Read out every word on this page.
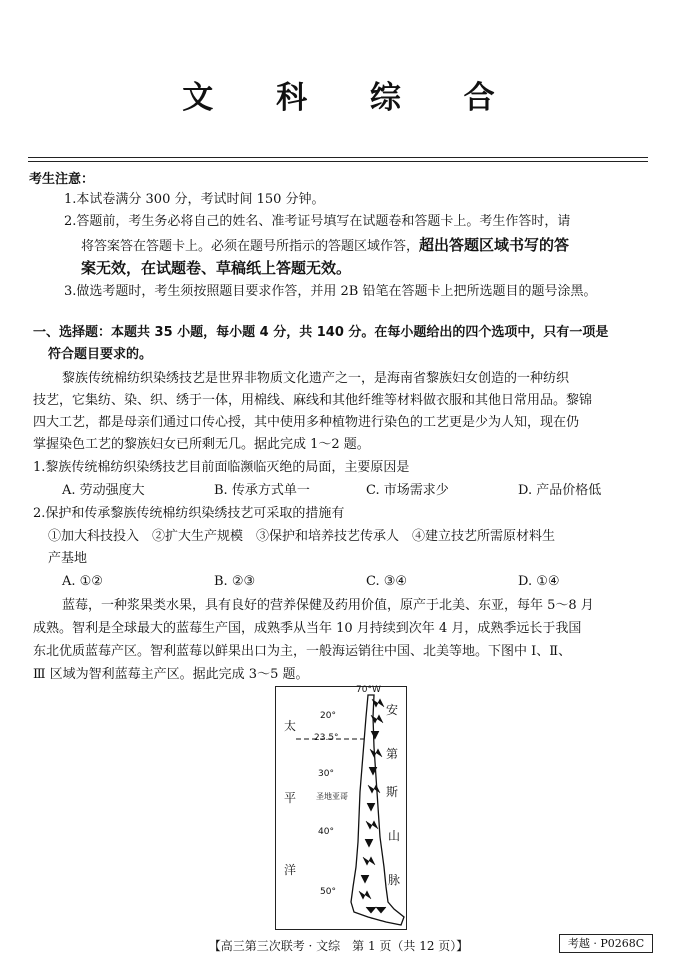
文 科 综 合
考生注意：
1.本试卷满分 300 分，考试时间 150 分钟。
2.答题前，考生务必将自己的姓名、准考证号填写在试题卷和答题卡上。考生作答时，请
将答案答在答题卡上。必须在题号所指示的答题区域作答，超出答题区域书写的答
案无效，在试题卷、草稿纸上答题无效。
3.做选考题时，考生须按照题目要求作答，并用 2B 铅笔在答题卡上把所选题目的题号涂黑。
一、选择题：本题共 35 小题，每小题 4 分，共 140 分。在每小题给出的四个选项中，只有一项是
符合题目要求的。
黎族传统棉纺织染绣技艺是世界非物质文化遗产之一，是海南省黎族妇女创造的一种纺织
技艺，它集纺、染、织、绣于一体，用棉线、麻线和其他纤维等材料做衣服和其他日常用品。黎锦
四大工艺，都是母亲们通过口传心授，其中使用多种植物进行染色的工艺更是少为人知，现在仍
掌握染色工艺的黎族妇女已所剩无几。据此完成 1～2 题。
1.黎族传统棉纺织染绣技艺目前面临濒临灭绝的局面，主要原因是
A. 劳动强度大	B. 传承方式单一	C. 市场需求少	D. 产品价格低
2.保护和传承黎族传统棉纺织染绣技艺可采取的措施有
①加大科技投入　②扩大生产规模　③保护和培养技艺传承人　④建立技艺所需原材料生
产基地
A. ①②	B. ②③	C. ③④	D. ①④
蓝莓，一种浆果类水果，具有良好的营养保健及药用价值，原产于北美、东亚，每年 5～8 月
成熟。智利是全球最大的蓝莓生产国，成熟季从当年 10 月持续到次年 4 月，成熟季远长于我国
东北优质蓝莓产区。智利蓝莓以鲜果出口为主，一般海运销往中国、北美等地。下图中 Ⅰ、Ⅱ、
Ⅲ 区域为智利蓝莓主产区。据此完成 3～5 题。
70°W
20°
23.5°
30°
40°
50°
圣地亚哥
太
平
洋
安
第
斯
山
脉
【高三第三次联考 · 文综　第 1 页（共 12 页）】	考越 · P0268C
